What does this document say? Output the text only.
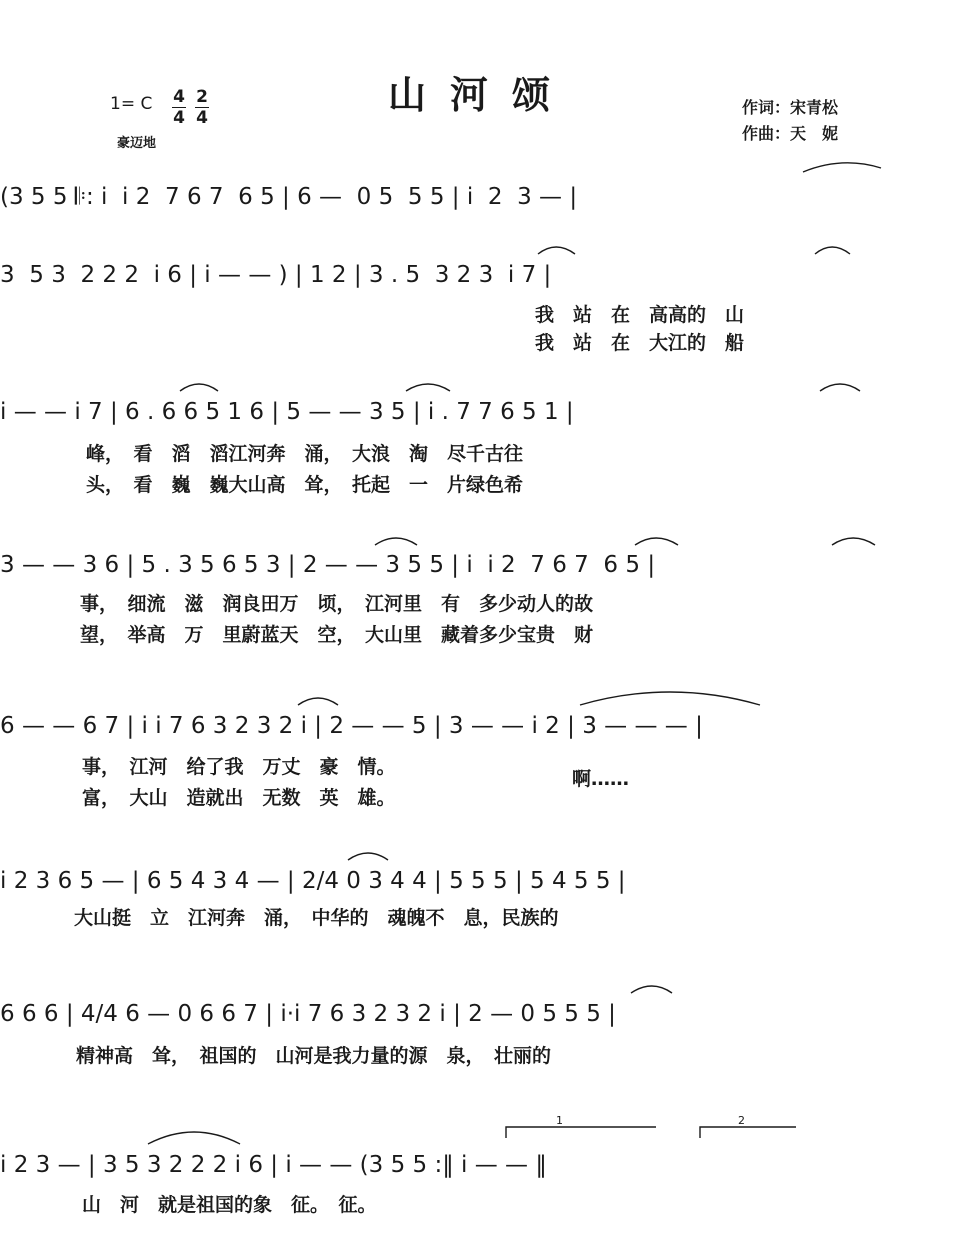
山河颂
1= C 4
4
2
4
豪迈地
作词：宋青松
作曲：天　妮
(3 5 5 𝄆: i  i 2  7 6 7  6 5 | 6 —  0 5  5 5 | i  2  3 — |
3  5 3  2 2 2  i 6 | i — — ) | 1 2 | 3 . 5  3 2 3  i 7 |
我　站　在　高高的　山
我　站　在　大江的　船
i — — i 7 | 6 . 6 6 5 1 6 | 5 — — 3 5 | i . 7 7 6 5 1 |
峰，　看　滔　滔江河奔　涌，　大浪　淘　尽千古往
头，　看　巍　巍大山高　耸，　托起　一　片绿色希
3 — — 3 6 | 5 . 3 5 6 5 3 | 2 — — 3 5 5 | i  i 2  7 6 7  6 5 |
事，　细流　滋　润良田万　顷，　江河里　有　多少动人的故
望，　举高　万　里蔚蓝天　空，　大山里　藏着多少宝贵　财
6 — — 6 7 | i i 7 6 3 2 3 2 i | 2 — — 5 | 3 — — i 2 | 3 — — — |
事，　江河　给了我　万丈　豪　情。
富，　大山　造就出　无数　英　雄。
啊……
i 2 3 6 5 — | 6 5 4 3 4 — | 2/4 0 3 4 4 | 5 5 5 | 5 4 5 5 |
大山挺　立　江河奔　涌，　中华的　魂魄不　息，民族的
6 6 6 | 4/4 6 — 0 6 6 7 | i·i 7 6 3 2 3 2 i | 2 — 0 5 5 5 |
精神高　耸，　祖国的　山河是我力量的源　泉，　壮丽的
i 2 3 — | 3 5 3 2 2 2 i 6 | i — — (3 5 5 :‖ i — — ‖
山　河　就是祖国的象　征。　征。
1	2
